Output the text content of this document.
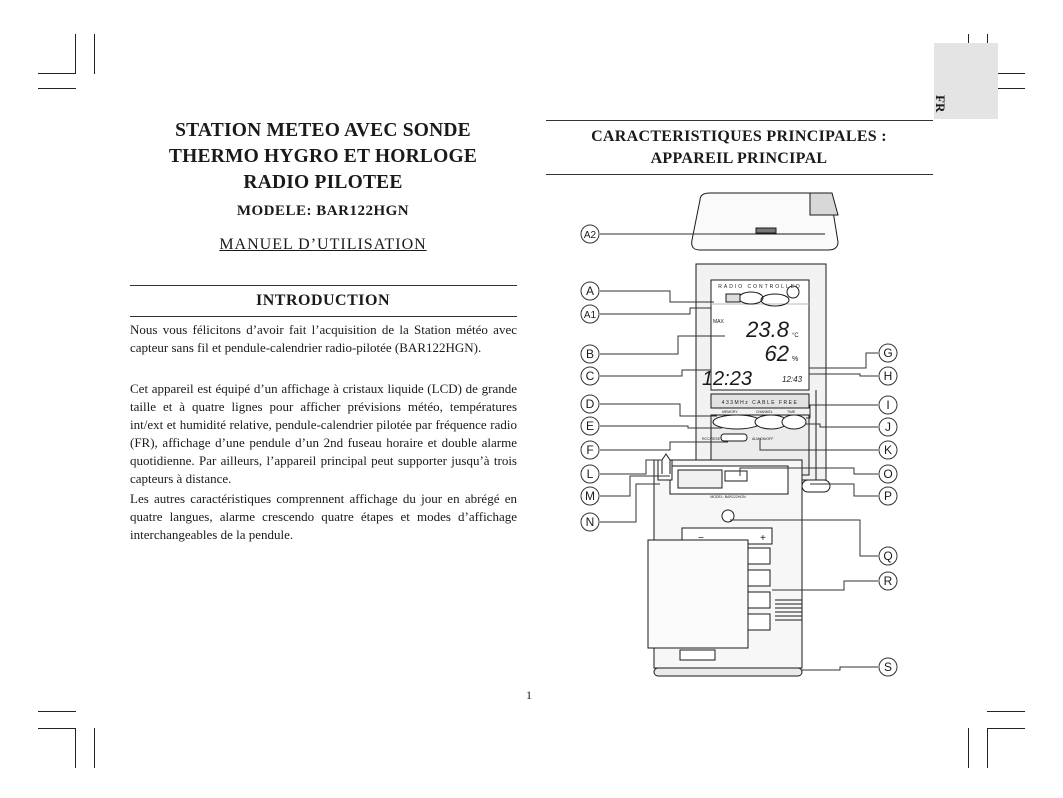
FR
STATION METEO AVEC SONDE
THERMO HYGRO ET HORLOGE
RADIO PILOTEE
MODELE: BAR122HGN
MANUEL D’UTILISATION
INTRODUCTION

Nous vous félicitons d’avoir fait l’acquisition de la Station météo avec capteur sans fil et pendule-calendrier radio-pilotée (BAR122HGN).

Cet appareil est équipé d’un affichage à cristaux liquide (LCD) de grande taille et à quatre lignes pour afficher prévisions météo, températures int/ext et humidité relative, pendule-calendrier pilotée par fréquence radio (FR), affichage d’une pendule d’un 2nd fuseau horaire et double alarme quotidienne. Par ailleurs, l’appareil principal peut supporter jusqu’à trois capteurs à distance.

Les autres caractéristiques comprennent affichage du jour en abrégé en quatre langues, alarme crescendo quatre étapes et modes d’affichage interchangeables de la pendule.

CARACTERISTIQUES PRINCIPALES :
APPAREIL PRINCIPAL
RADIO CONTROLLED
MAX 23.8 °C
62 %
12:23	12:43
433MHz CABLE FREE
MEMORY	CHANNEL	TIME
RCC/RESET	ALM ON/OFF
MODEL: BAR122HGN
−	+
A2
A
A1
B
C
D
E
F
L
M
N
G
H
I
J
K
O
P
Q
R
S
1
